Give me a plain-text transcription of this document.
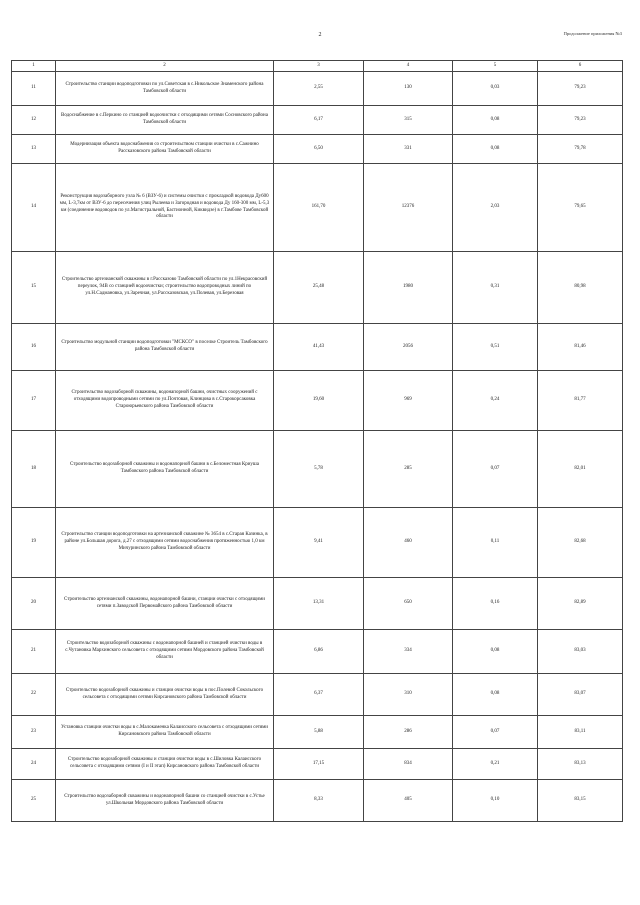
2	Продолжение приложения №3
1	2	3	4	5	6
11	Строительство станции водоподготовки по ул.Советская в с.Никольское Знаменского района Тамбовской области	2,55	130	0,03	79,23
12	Водоснабжение в с.Перкино со станцией водоочистки с отходящими сетями Сосновского района Тамбовской области	6,17	315	0,08	79,23
13	Модернизация объекта водоснабжения со строительством станции очистки в с.Сажнино Рассказовского района Тамбовской области	6,50	331	0,08	79,78
14	Реконструкция водозаборного узла № 6 (ВЗУ-6) и системы очистки с прокладкой водовода Ду600 мм, L-3,7км от ВЗУ-6 до пересечения улиц Рылеева и Загородная и водовода Ду 160-300 мм, L-5,3 км (соединение водоводов по ул.Магистральной, Бастионной, Киквидзе) в г.Тамбове Тамбовской области	161,70	12376	2,03	79,65
15	Строительство артезианской скважины в г.Рассказово Тамбовской области по ул.1Некрасовский переулок, 94В со станцией водоочистки; строительство водопроводных линий по ул.Н.Садмановка, ул.Заречная, ул.Рассказовская, ул.Полевая, ул.Березовая	25,48	1980	0,31	80,98
16	Строительство модульной станции водоподготовки "МСКСО" в поселке Строитель Тамбовского района Тамбовской области	41,43	2056	0,51	81,46
17	Строительство водозаборной скважины, водонапорной башни, очистных сооружений с отходящими водопроводными сетями по ул.Почтовая, Клинцова в с.Старокорсаковка Староюрьевского района Тамбовской области	19,60	969	0,24	81,77
18	Строительство водозаборной скважины и водонапорной башни в с.Беломестная Криуша Тамбовского района Тамбовской области	5,78	285	0,07	82,01
19	Строительство станции водоподготовки на артезианской скважине № 3654 в с.Старая Казинка, в районе ул.Большая дорога, д.27 с отходящими сетями водоснабжения протяженностью 1,0 км Мичуринского района Тамбовской области	9,41	460	0,11	82,68
20	Строительство артезианской скважины, водонапорной башни, станции очистки с отходящими сетями п.Заводской Первомайского района Тамбовской области	13,31	650	0,16	82,89
21	Строительство водозаборной скважины с водонапорной башней и станцией очистки воды в с.Чутановка Мархинского сельсовета с отходящими сетями Мордовского района Тамбовской области	6,86	334	0,08	83,03
22	Строительство водозаборной скважины и станции очистки воды в пос.Полевой Сокольского сельсовета с отходящими сетями Кирсановского района Тамбовской области	6,37	310	0,08	83,07
23	Установка станции очистки воды в с.Малокаменка Калаисского сельсовета с отходящими сетями Кирсановского района Тамбовской области	5,88	286	0,07	83,11
24	Строительство водозаборной скважины и станции очистки воды в с.Шиловка Калаисского сельсовета с отходящими сетями (I и II этап) Кирсановского района Тамбовской области	17,15	834	0,21	83,13
25	Строительство водозаборной скважины и водонапорной башни со станцией очистки в с.Устье ул.Школьная Мордовского района Тамбовской области	8,33	405	0,10	83,15
